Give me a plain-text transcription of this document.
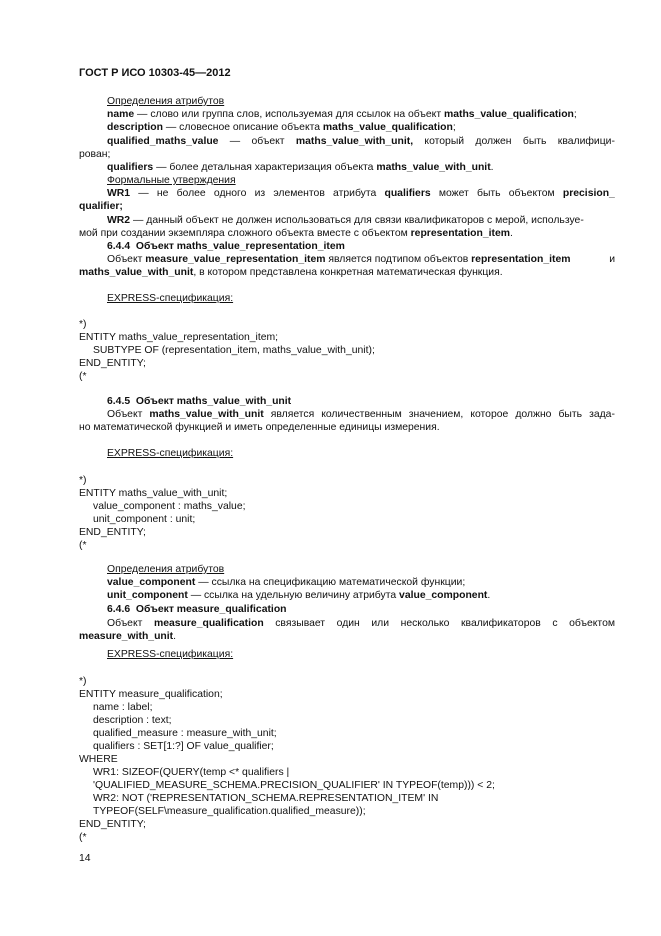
ГОСТ Р ИСО 10303-45—2012
Определения атрибутов
name — слово или группа слов, используемая для ссылок на объект maths_value_qualification;
description — словесное описание объекта maths_value_qualification;
qualified_maths_value — объект maths_value_with_unit, который должен быть квалифици-
рован;
qualifiers — более детальная характеризация объекта maths_value_with_unit.
Формальные утверждения
WR1 — не более одного из элементов атрибута qualifiers может быть объектом precision_
qualifier;
WR2 — данный объект не должен использоваться для связи квалификаторов с мерой, используе-
мой при создании экземпляра сложного объекта вместе с объектом representation_item.
6.4.4 Объект maths_value_representation_item
Объект measure_value_representation_item является подтипом объектов representation_item	и
maths_value_with_unit, в котором представлена конкретная математическая функция.
EXPRESS-спецификация:
*)
ENTITY maths_value_representation_item;
SUBTYPE OF (representation_item, maths_value_with_unit);
END_ENTITY;
(*
6.4.5 Объект maths_value_with_unit
Объект maths_value_with_unit является количественным значением, которое должно быть зада-
но математической функцией и иметь определенные единицы измерения.
EXPRESS-спецификация:
*)
ENTITY maths_value_with_unit;
value_component : maths_value;
unit_component : unit;
END_ENTITY;
(*
Определения атрибутов
value_component — ссылка на спецификацию математической функции;
unit_component — ссылка на удельную величину атрибута value_component.
6.4.6 Объект measure_qualification
Объект measure_qualification связывает один или несколько квалификаторов с объектом
measure_with_unit.
EXPRESS-спецификация:
*)
ENTITY measure_qualification;
name : label;
description : text;
qualified_measure : measure_with_unit;
qualifiers : SET[1:?] OF value_qualifier;
WHERE
WR1: SIZEOF(QUERY(temp <* qualifiers |
'QUALIFIED_MEASURE_SCHEMA.PRECISION_QUALIFIER' IN TYPEOF(temp))) < 2;
WR2: NOT ('REPRESENTATION_SCHEMA.REPRESENTATION_ITEM' IN
TYPEOF(SELF\measure_qualification.qualified_measure));
END_ENTITY;
(*
14
